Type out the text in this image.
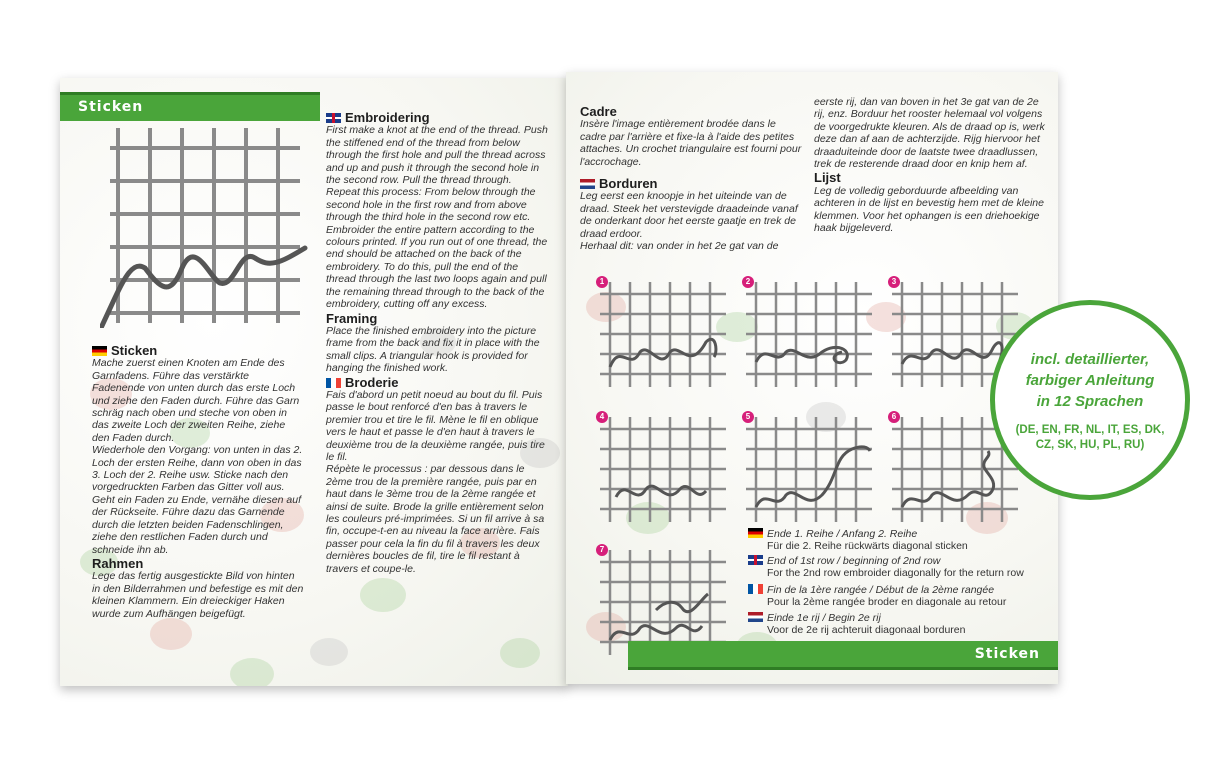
Sticken
Sticken
Mache zuerst einen Knoten am Ende des Garnfadens. Führe das verstärkte Fadenende von unten durch das erste Loch und ziehe den Faden durch. Führe das Garn schräg nach oben und steche von oben in das zweite Loch der zweiten Reihe, ziehe den Faden durch.
Wiederhole den Vorgang: von unten in das 2. Loch der ersten Reihe, dann von oben in das 3. Loch der 2. Reihe usw. Sticke nach den vorgedruckten Farben das Gitter voll aus. Geht ein Faden zu Ende, vernähe diesen auf der Rückseite. Führe dazu das Garnende durch die letzten beiden Fadenschlingen, ziehe den restlichen Faden durch und schneide ihn ab.
Rahmen
Lege das fertig ausgestickte Bild von hinten in den Bilderrahmen und befestige es mit den kleinen Klammern. Ein dreieckiger Haken wurde zum Aufhängen beigefügt.
Embroidering
First make a knot at the end of the thread. Push the stiffened end of the thread from below through the first hole and pull the thread across and up and push it through the second hole in the second row. Pull the thread through.
Repeat this process: From below through the second hole in the first row and from above through the third hole in the second row etc. Embroider the entire pattern according to the colours printed. If you run out of one thread, the end should be attached on the back of the embroidery. To do this, pull the end of the thread through the last two loops again and pull the remaining thread through to the back of the embroidery, cutting off any excess.
Framing
Place the finished embroidery into the picture frame from the back and fix it in place with the small clips. A triangular hook is provided for hanging the finished work.
Broderie
Fais d'abord un petit noeud au bout du fil. Puis passe le bout renforcé d'en bas à travers le premier trou et tire le fil. Mène le fil en oblique vers le haut et passe le d'en haut à travers le deuxième trou de la deuxième rangée, puis tire le fil.
Répète le processus : par dessous dans le 2ème trou de la première rangée, puis par en haut dans le 3ème trou de la 2ème rangée et ainsi de suite. Brode la grille entièrement selon les couleurs pré-imprimées. Si un fil arrive à sa fin, occupe-t-en au niveau la face arrière. Fais passer pour cela la fin du fil à travers les deux dernières boucles de fil, tire le fil restant à travers et coupe-le.
Cadre
Insère l'image entièrement brodée dans le cadre par l'arrière et fixe-la à l'aide des petites attaches. Un crochet triangulaire est fourni pour l'accrochage.
Borduren
Leg eerst een knoopje in het uiteinde van de draad. Steek het verstevigde draadeinde vanaf de onderkant door het eerste gaatje en trek de draad erdoor.
Herhaal dit: van onder in het 2e gat van de
eerste rij, dan van boven in het 3e gat van de 2e rij, enz. Borduur het rooster helemaal vol volgens de voorgedrukte kleuren. Als de draad op is, werk deze dan af aan de achterzijde. Rijg hiervoor het draaduiteinde door de laatste twee draadlussen, trek de resterende draad door en knip hem af.
Lijst
Leg de volledig geborduurde afbeelding van achteren in de lijst en bevestig hem met de kleine klemmen. Voor het ophangen is een driehoekige haak bijgeleverd.
1	2	3
4	5	6
7
Ende 1. Reihe / Anfang 2. Reihe
Für die 2. Reihe rückwärts diagonal sticken
End of 1st row / beginning of 2nd row
For the 2nd row embroider diagonally for the return row
Fin de la 1ère rangée / Début de la 2ème rangée
Pour la 2ème rangée broder en diagonale au retour
Einde 1e rij / Begin 2e rij
Voor de 2e rij achteruit diagonaal borduren
Sticken
incl. detaillierter,
farbiger Anleitung
in 12 Sprachen
(DE, EN, FR, NL, IT, ES, DK,
CZ, SK, HU, PL, RU)
